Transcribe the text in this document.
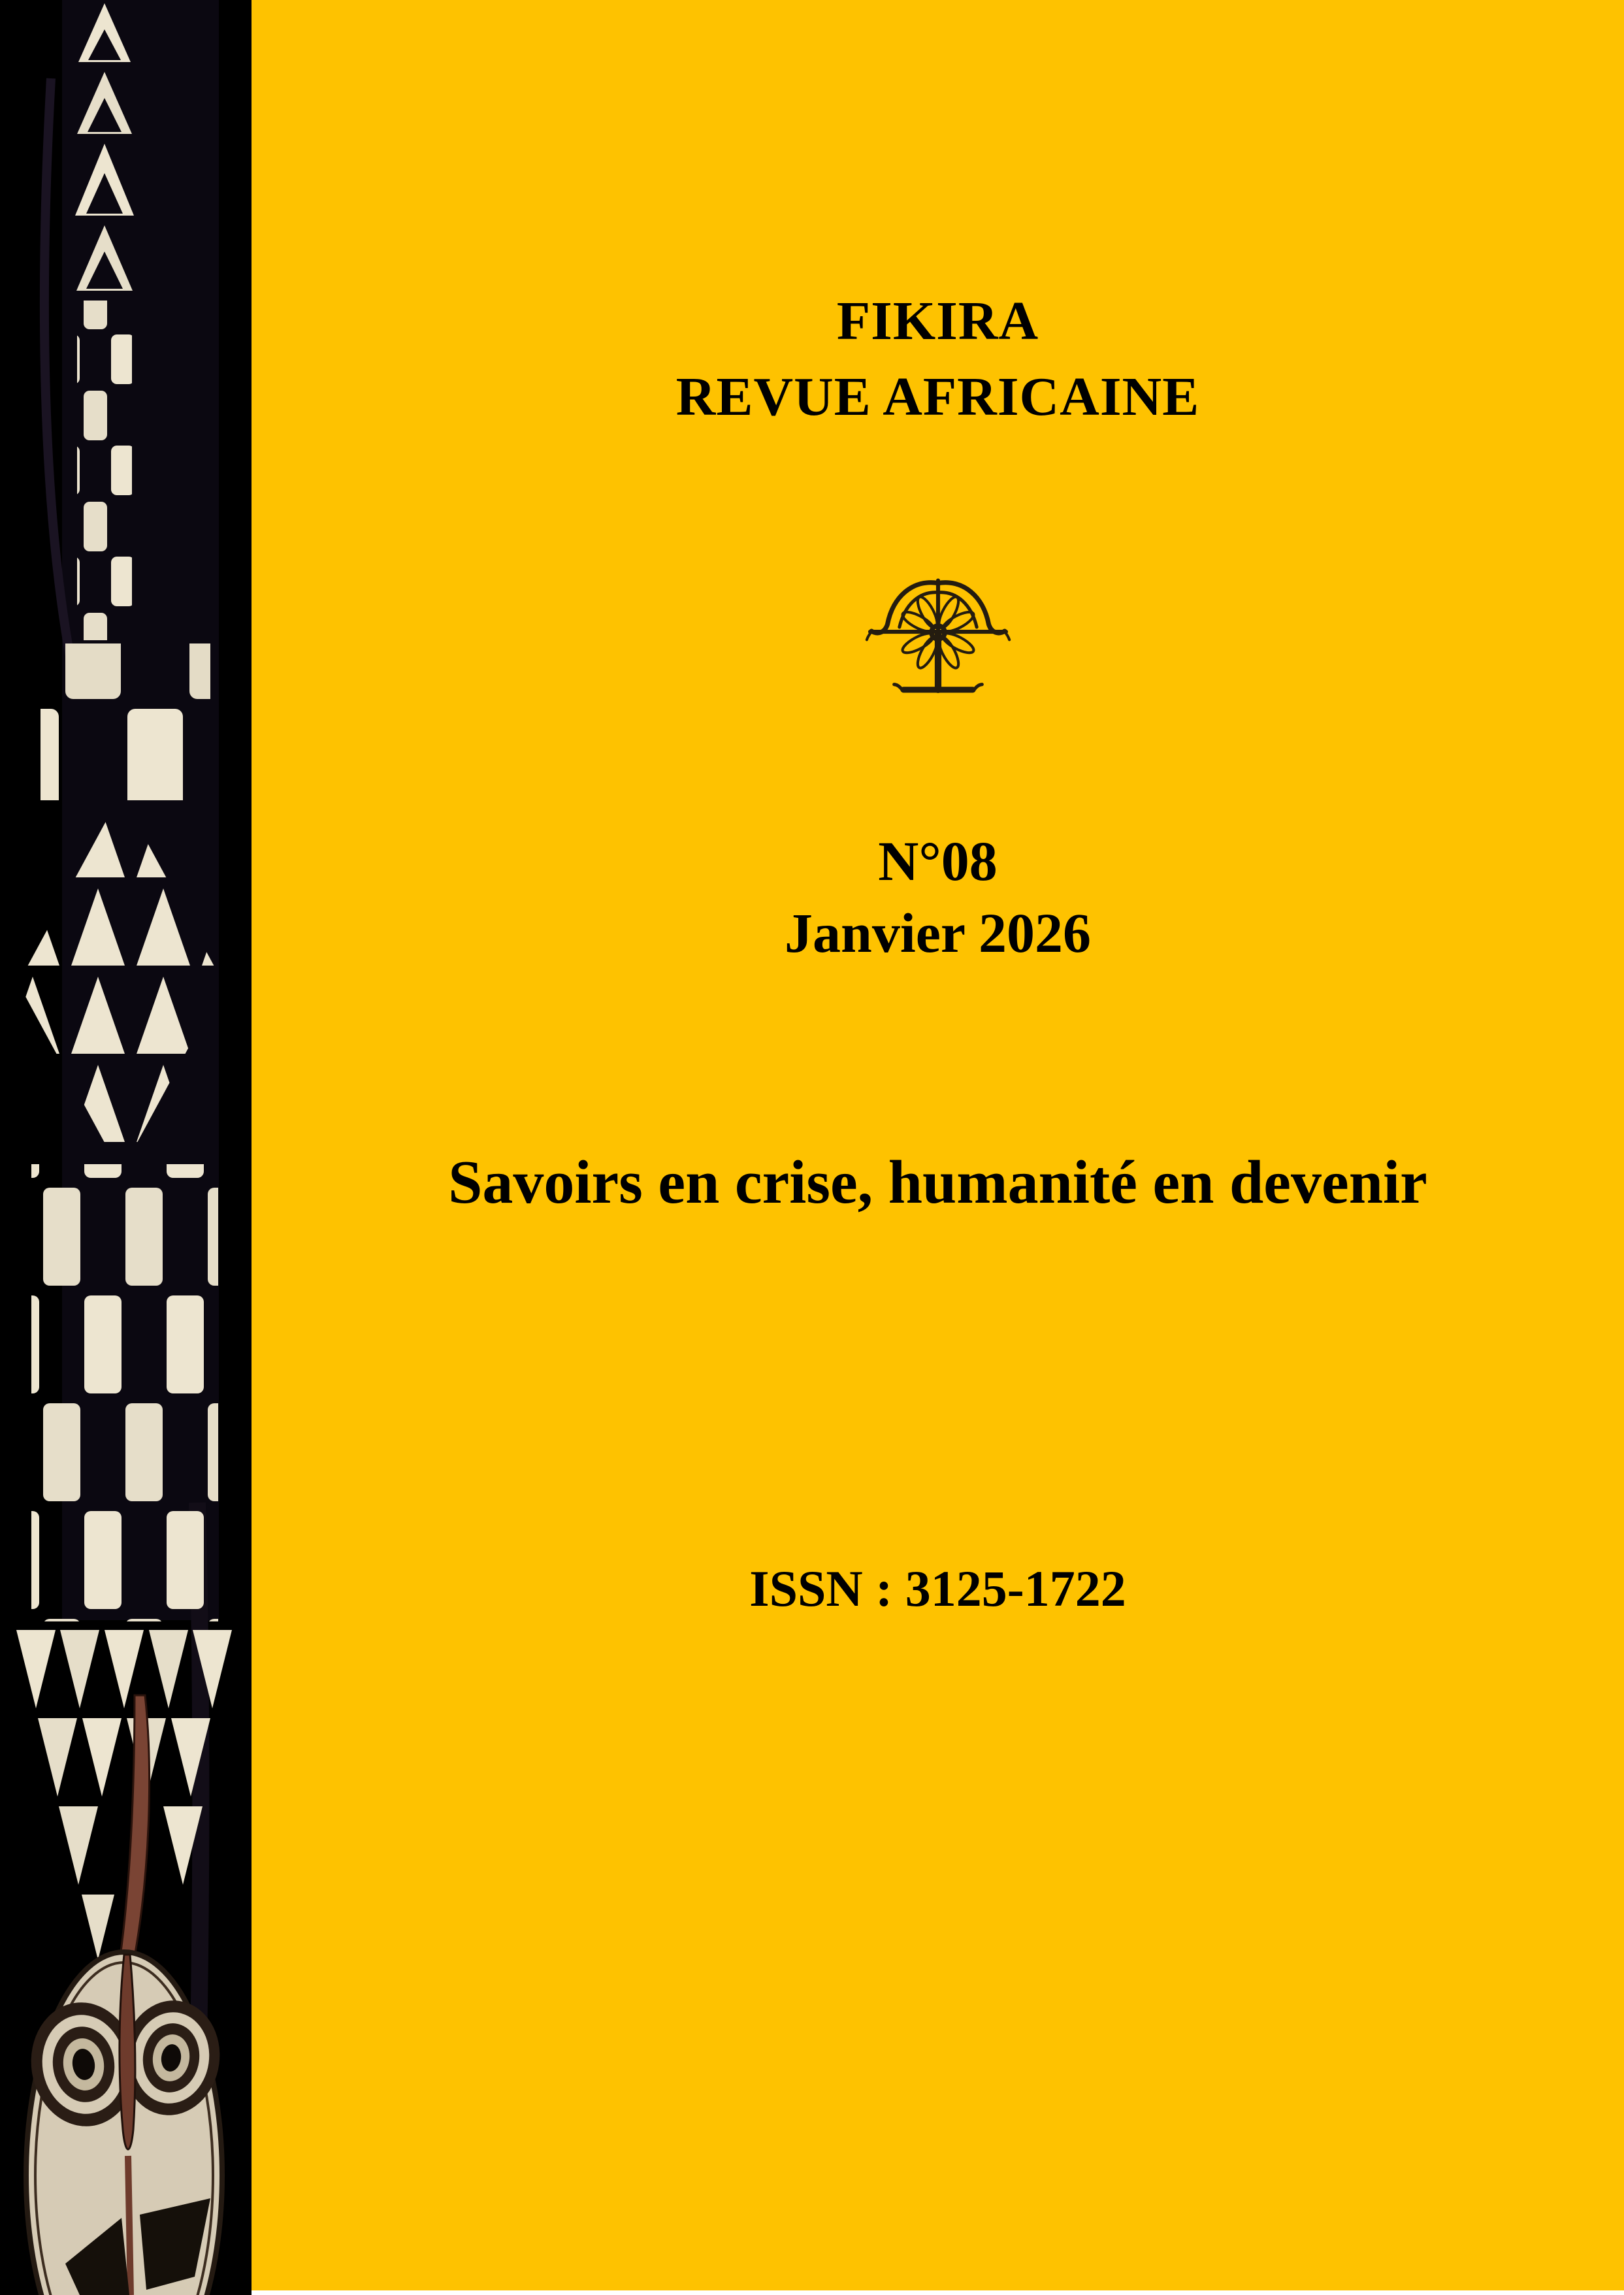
FIKIRA
REVUE AFRICAINE
N°08
Janvier 2026
Savoirs en crise, humanité en devenir
ISSN : 3125-1722
